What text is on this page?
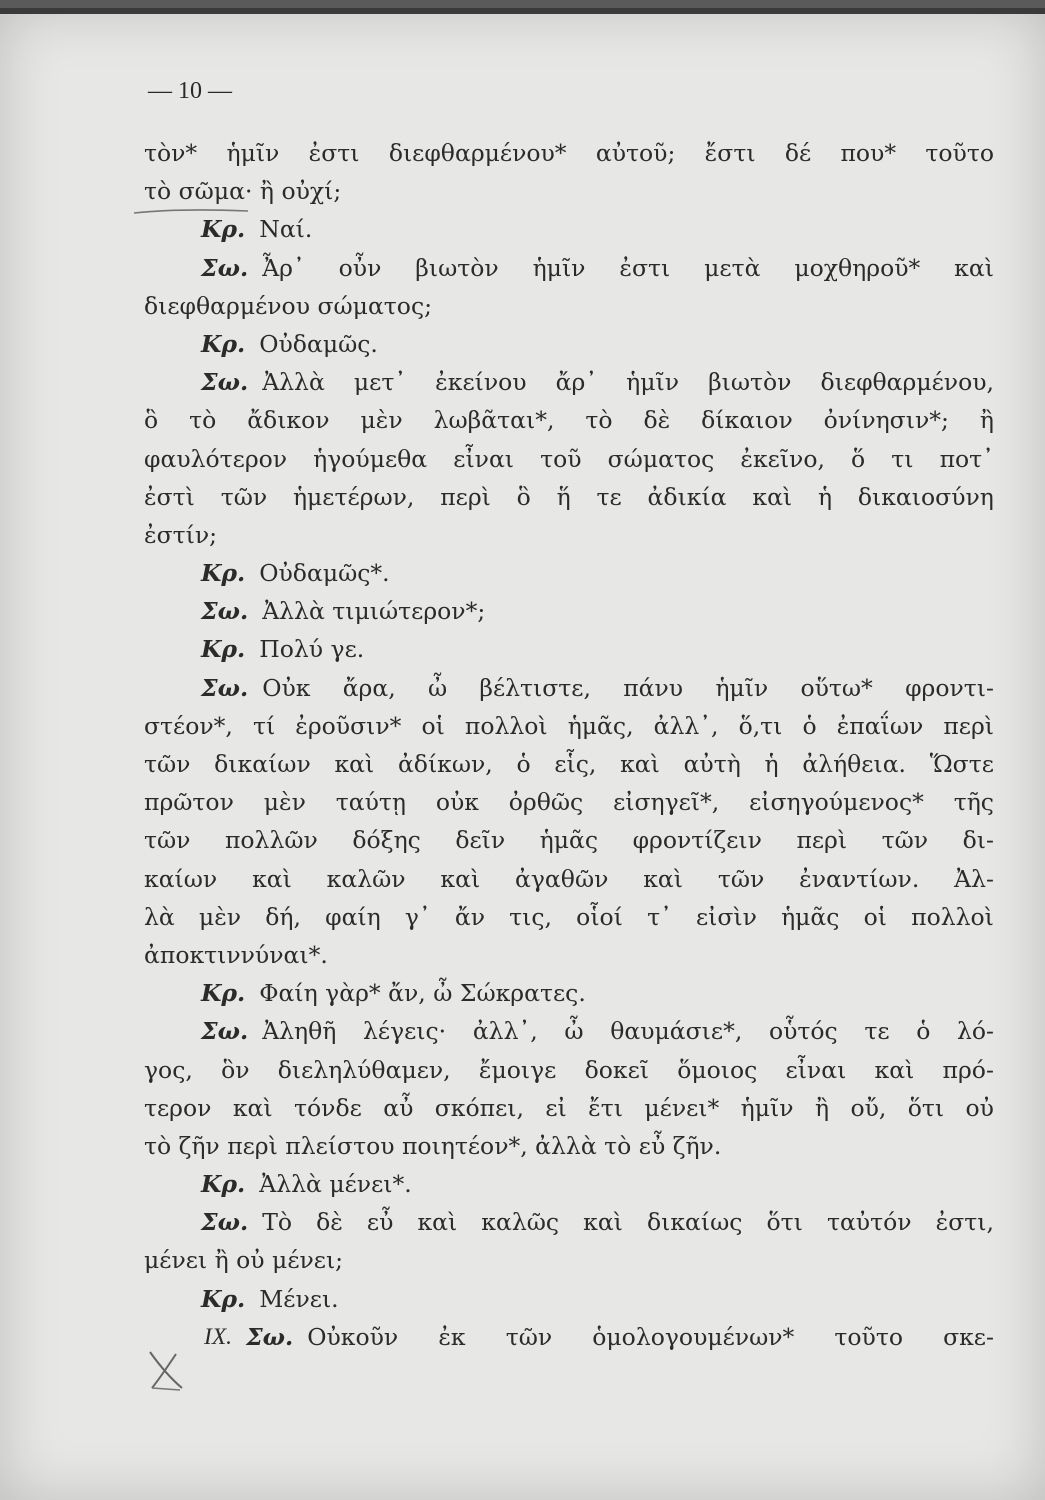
— 10 —
τὸν* ἡμῖν ἐστι διεφθαρμένου* αὐτοῦ; ἔστι δέ που* τοῦτο
τὸ σῶμα· ἢ οὐχί;
Κρ. Ναί.
Σω. Ἆρ᾽ οὖν βιωτὸν ἡμῖν ἐστι μετὰ μοχθηροῦ* καὶ
διεφθαρμένου σώματος;
Κρ. Οὐδαμῶς.
Σω. Ἀλλὰ μετ᾽ ἐκείνου ἄρ᾽ ἡμῖν βιωτὸν διεφθαρμένου,
ὃ τὸ ἄδικον μὲν λωβᾶται*, τὸ δὲ δίκαιον ὀνίνησιν*; ἢ
φαυλότερον ἡγούμεθα εἶναι τοῦ σώματος ἐκεῖνο, ὅ τι ποτ᾽
ἐστὶ τῶν ἡμετέρων, περὶ ὃ ἥ τε ἀδικία καὶ ἡ δικαιοσύνη
ἐστίν;
Κρ. Οὐδαμῶς*.
Σω. Ἀλλὰ τιμιώτερον*;
Κρ. Πολύ γε.
Σω. Οὐκ ἄρα, ὦ βέλτιστε, πάνυ ἡμῖν οὕτω* φροντι-
στέον*, τί ἐροῦσιν* οἱ πολλοὶ ἡμᾶς, ἀλλ᾽, ὅ,τι ὁ ἐπαΐων περὶ
τῶν δικαίων καὶ ἀδίκων, ὁ εἷς, καὶ αὐτὴ ἡ ἀλήθεια. Ὥστε
πρῶτον μὲν ταύτῃ οὐκ ὀρθῶς εἰσηγεῖ*, εἰσηγούμενος* τῆς
τῶν πολλῶν δόξης δεῖν ἡμᾶς φροντίζειν περὶ τῶν δι-
καίων καὶ καλῶν καὶ ἀγαθῶν καὶ τῶν ἐναντίων. Ἀλ-
λὰ μὲν δή, φαίη γ᾽ ἄν τις, οἷοί τ᾽ εἰσὶν ἡμᾶς οἱ πολλοὶ
ἀποκτιννύναι*.
Κρ. Φαίη γὰρ* ἄν, ὦ Σώκρατες.
Σω. Ἀληθῆ λέγεις· ἀλλ᾽, ὦ θαυμάσιε*, οὗτός τε ὁ λό-
γος, ὃν διεληλύθαμεν, ἔμοιγε δοκεῖ ὅμοιος εἶναι καὶ πρό-
τερον καὶ τόνδε αὖ σκόπει, εἰ ἔτι μένει* ἡμῖν ἢ οὔ, ὅτι οὐ
τὸ ζῆν περὶ πλείστου ποιητέον*, ἀλλὰ τὸ εὖ ζῆν.
Κρ. Ἀλλὰ μένει*.
Σω. Τὸ δὲ εὖ καὶ καλῶς καὶ δικαίως ὅτι ταὐτόν ἐστι,
μένει ἢ οὐ μένει;
Κρ. Μένει.
IX. Σω. Οὐκοῦν ἐκ τῶν ὁμολογουμένων* τοῦτο σκε-
